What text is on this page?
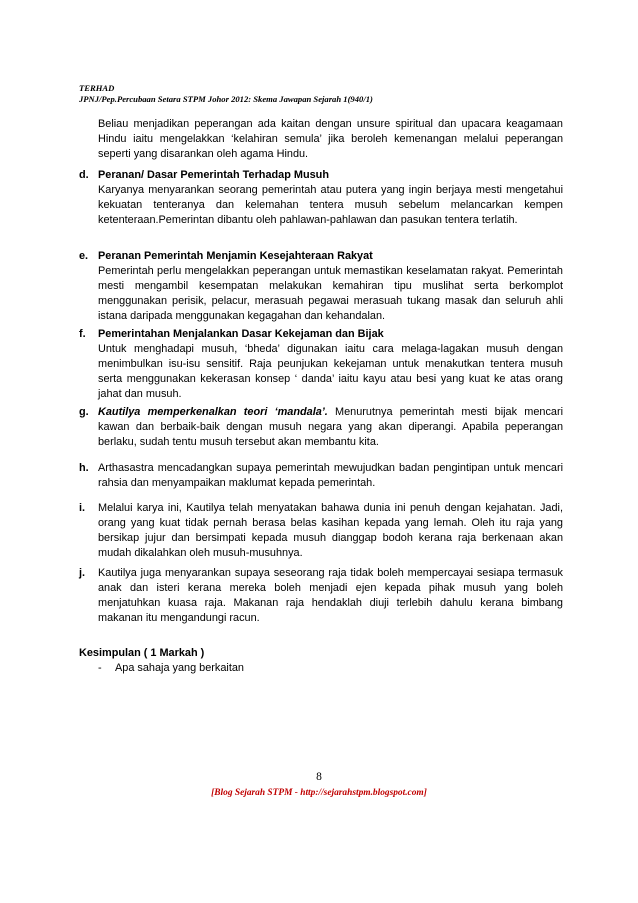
TERHAD
JPNJ/Pep.Percubaan Setara STPM Johor 2012: Skema Jawapan Sejarah 1(940/1)
Beliau menjadikan peperangan ada kaitan dengan unsure spiritual dan upacara keagamaan Hindu iaitu mengelakkan ‘kelahiran semula’ jika beroleh kemenangan melalui peperangan seperti yang disarankan oleh agama Hindu.
d. Peranan/ Dasar Pemerintah Terhadap Musuh
Karyanya menyarankan seorang pemerintah atau putera yang ingin berjaya mesti mengetahui kekuatan tenteranya dan kelemahan tentera musuh sebelum melancarkan kempen ketenteraan.Pemerintan dibantu oleh pahlawan-pahlawan dan pasukan tentera terlatih.
e. Peranan Pemerintah Menjamin Kesejahteraan Rakyat
Pemerintah perlu mengelakkan peperangan untuk memastikan keselamatan rakyat. Pemerintah mesti mengambil kesempatan melakukan kemahiran tipu muslihat serta berkomplot menggunakan perisik, pelacur, merasuah pegawai merasuah tukang masak dan seluruh ahli istana daripada menggunakan kegagahan dan kehandalan.
f. Pemerintahan Menjalankan Dasar Kekejaman dan Bijak
Untuk menghadapi musuh, ‘bheda’ digunakan iaitu cara melaga-lagakan musuh dengan menimbulkan isu-isu sensitif. Raja peunjukan kekejaman untuk menakutkan tentera musuh serta menggunakan kekerasan konsep ‘ danda’ iaitu kayu atau besi yang kuat ke atas orang jahat dan musuh.
g. Kautilya memperkenalkan teori ‘mandala’. Menurutnya pemerintah mesti bijak mencari kawan dan berbaik-baik dengan musuh negara yang akan diperangi. Apabila peperangan berlaku, sudah tentu musuh tersebut akan membantu kita.
h. Arthasastra mencadangkan supaya pemerintah mewujudkan badan pengintipan untuk mencari rahsia dan menyampaikan maklumat kepada pemerintah.
i. Melalui karya ini, Kautilya telah menyatakan bahawa dunia ini penuh dengan kejahatan. Jadi, orang yang kuat tidak pernah berasa belas kasihan kepada yang lemah. Oleh itu raja yang bersikap jujur dan bersimpati kepada musuh dianggap bodoh kerana raja berkenaan akan mudah dikalahkan oleh musuh-musuhnya.
j. Kautilya juga menyarankan supaya seseorang raja tidak boleh mempercayai sesiapa termasuk anak dan isteri kerana mereka boleh menjadi ejen kepada pihak musuh yang boleh menjatuhkan kuasa raja. Makanan raja hendaklah diuji terlebih dahulu kerana bimbang makanan itu mengandungi racun.
Kesimpulan ( 1 Markah )
-	Apa sahaja yang berkaitan
8
[Blog Sejarah STPM - http://sejarahstpm.blogspot.com]
